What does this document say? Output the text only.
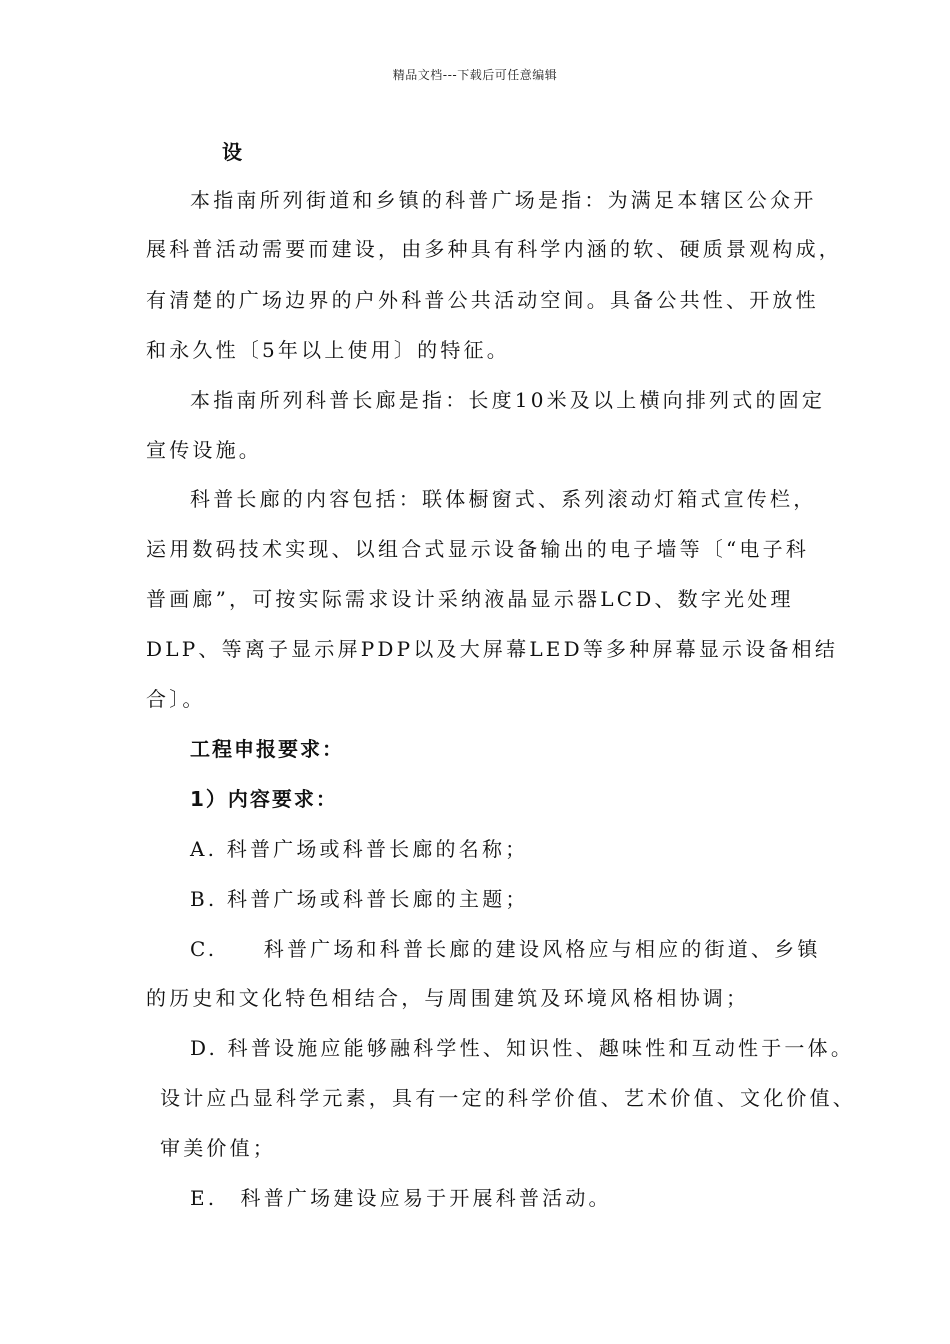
精品文档---下载后可任意编辑
设
本指南所列街道和乡镇的科普广场是指：为满足本辖区公众开
展科普活动需要而建设，由多种具有科学内涵的软、硬质景观构成，
有清楚的广场边界的户外科普公共活动空间。具备公共性、开放性
和永久性〔5年以上使用〕的特征。
本指南所列科普长廊是指：长度10米及以上横向排列式的固定
宣传设施。
科普长廊的内容包括：联体橱窗式、系列滚动灯箱式宣传栏，
运用数码技术实现、以组合式显示设备输出的电子墙等〔“电子科
普画廊”，可按实际需求设计采纳液晶显示器LCD、数字光处理
DLP、等离子显示屏PDP以及大屏幕LED等多种屏幕显示设备相结
合〕。
工程申报要求：
1）内容要求：
A. 科普广场或科普长廊的名称；
B. 科普广场或科普长廊的主题；
C.　　科普广场和科普长廊的建设风格应与相应的街道、乡镇
的历史和文化特色相结合，与周围建筑及环境风格相协调；
D. 科普设施应能够融科学性、知识性、趣味性和互动性于一体。
设计应凸显科学元素，具有一定的科学价值、艺术价值、文化价值、
审美价值；
E.　科普广场建设应易于开展科普活动。
